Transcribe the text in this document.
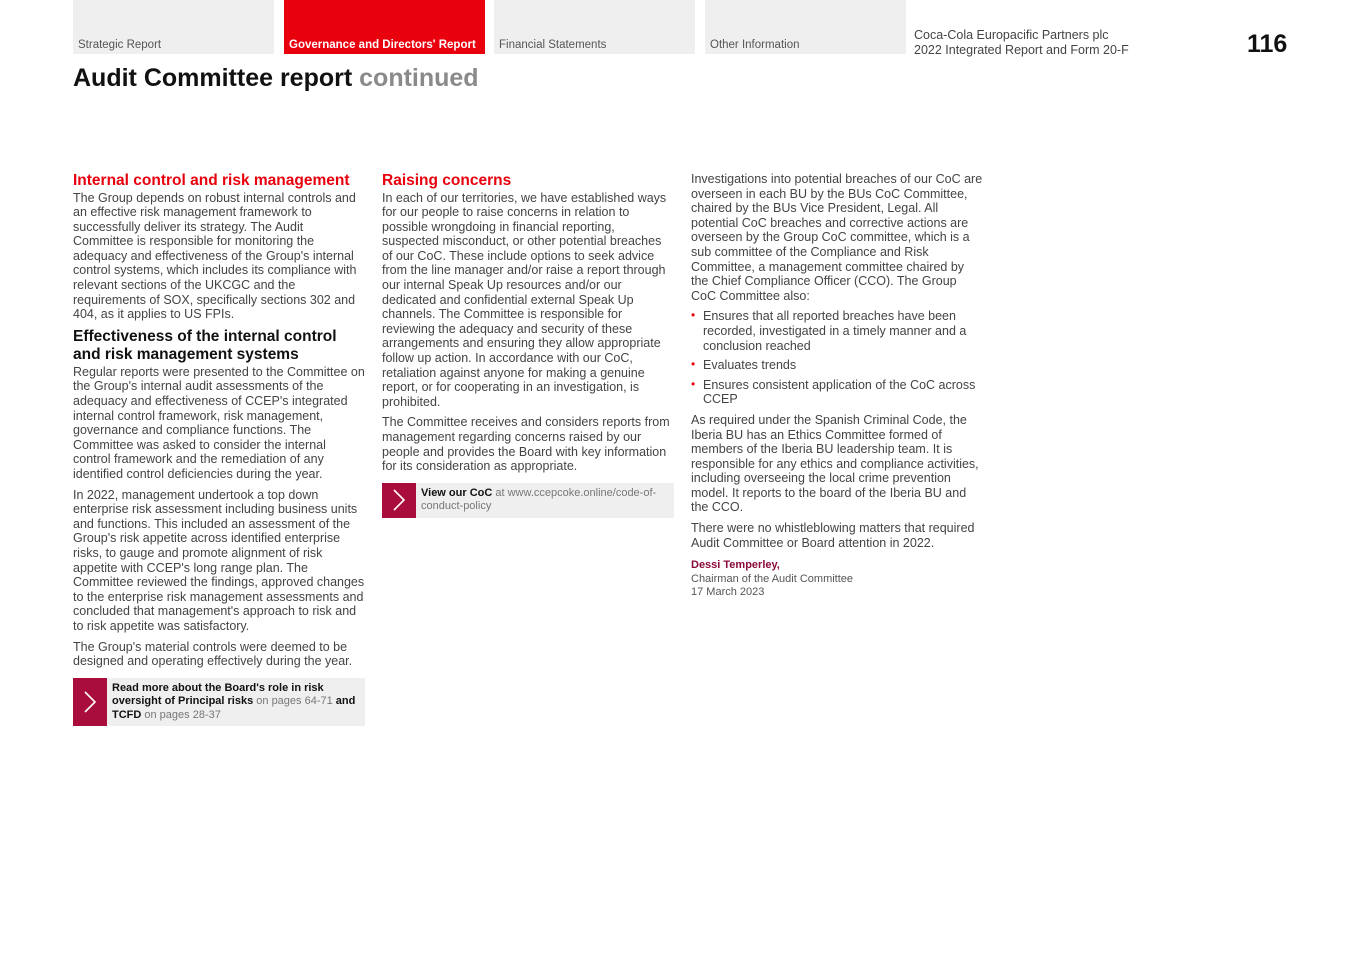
Strategic Report	Governance and Directors' Report Financial Statements	Other Information
Coca-Cola Europacific Partners plc
2022 Integrated Report and Form 20-F	116
Audit Committee report continued
Internal control and risk management

The Group depends on robust internal controls and an effective risk management framework to successfully deliver its strategy. The Audit Committee is responsible for monitoring the adequacy and effectiveness of the Group's internal control systems, which includes its compliance with relevant sections of the UKCGC and the requirements of SOX, specifically sections 302 and 404, as it applies to US FPIs.

Effectiveness of the internal control and risk management systems

Regular reports were presented to the Committee on the Group's internal audit assessments of the adequacy and effectiveness of CCEP's integrated internal control framework, risk management, governance and compliance functions. The Committee was asked to consider the internal control framework and the remediation of any identified control deficiencies during the year.

In 2022, management undertook a top down enterprise risk assessment including business units and functions. This included an assessment of the Group's risk appetite across identified enterprise risks, to gauge and promote alignment of risk appetite with CCEP's long range plan. The Committee reviewed the findings, approved changes to the enterprise risk management assessments and concluded that management's approach to risk and to risk appetite was satisfactory.

The Group's material controls were deemed to be designed and operating effectively during the year.

Read more about the Board's role in risk oversight of Principal risks on pages 64-71 and TCFD on pages 28-37
Raising concerns

In each of our territories, we have established ways for our people to raise concerns in relation to possible wrongdoing in financial reporting, suspected misconduct, or other potential breaches of our CoC. These include options to seek advice from the line manager and/or raise a report through our internal Speak Up resources and/or our dedicated and confidential external Speak Up channels. The Committee is responsible for reviewing the adequacy and security of these arrangements and ensuring they allow appropriate follow up action. In accordance with our CoC, retaliation against anyone for making a genuine report, or for cooperating in an investigation, is prohibited.

The Committee receives and considers reports from management regarding concerns raised by our people and provides the Board with key information for its consideration as appropriate.

View our CoC at www.ccepcoke.online/code-of-conduct-policy

Investigations into potential breaches of our CoC are overseen in each BU by the BUs CoC Committee, chaired by the BUs Vice President, Legal. All potential CoC breaches and corrective actions are overseen by the Group CoC committee, which is a sub committee of the Compliance and Risk Committee, a management committee chaired by the Chief Compliance Officer (CCO). The Group CoC Committee also:

• Ensures that all reported breaches have been recorded, investigated in a timely manner and a conclusion reached
• Evaluates trends
• Ensures consistent application of the CoC across CCEP

As required under the Spanish Criminal Code, the Iberia BU has an Ethics Committee formed of members of the Iberia BU leadership team. It is responsible for any ethics and compliance activities, including overseeing the local crime prevention model. It reports to the board of the Iberia BU and the CCO.

There were no whistleblowing matters that required Audit Committee or Board attention in 2022.

Dessi Temperley,
Chairman of the Audit Committee
17 March 2023
